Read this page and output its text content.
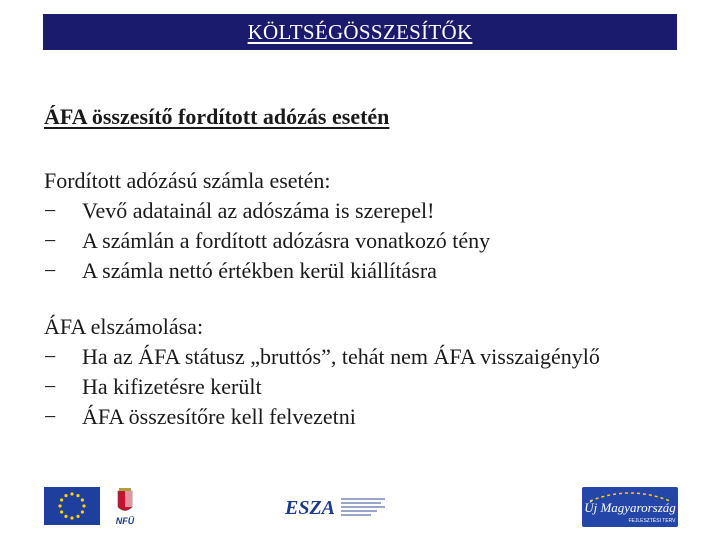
KÖLTSÉGÖSSZESÍTŐK
ÁFA összesítő fordított adózás esetén
Fordított adózású számla esetén:
−	Vevő adatainál az adószáma is szerepel!
−	A számlán a fordított adózásra vonatkozó tény
−	A számla nettó értékben kerül kiállításra
ÁFA elszámolása:
−	Ha az ÁFA státusz „bruttós”, tehát nem ÁFA visszaigénylő
−	Ha kifizetésre került
−	ÁFA összesítőre kell felvezetni
NFÜ
ESZA	Új Magyarország
FEJLESZTÉSI TERV
